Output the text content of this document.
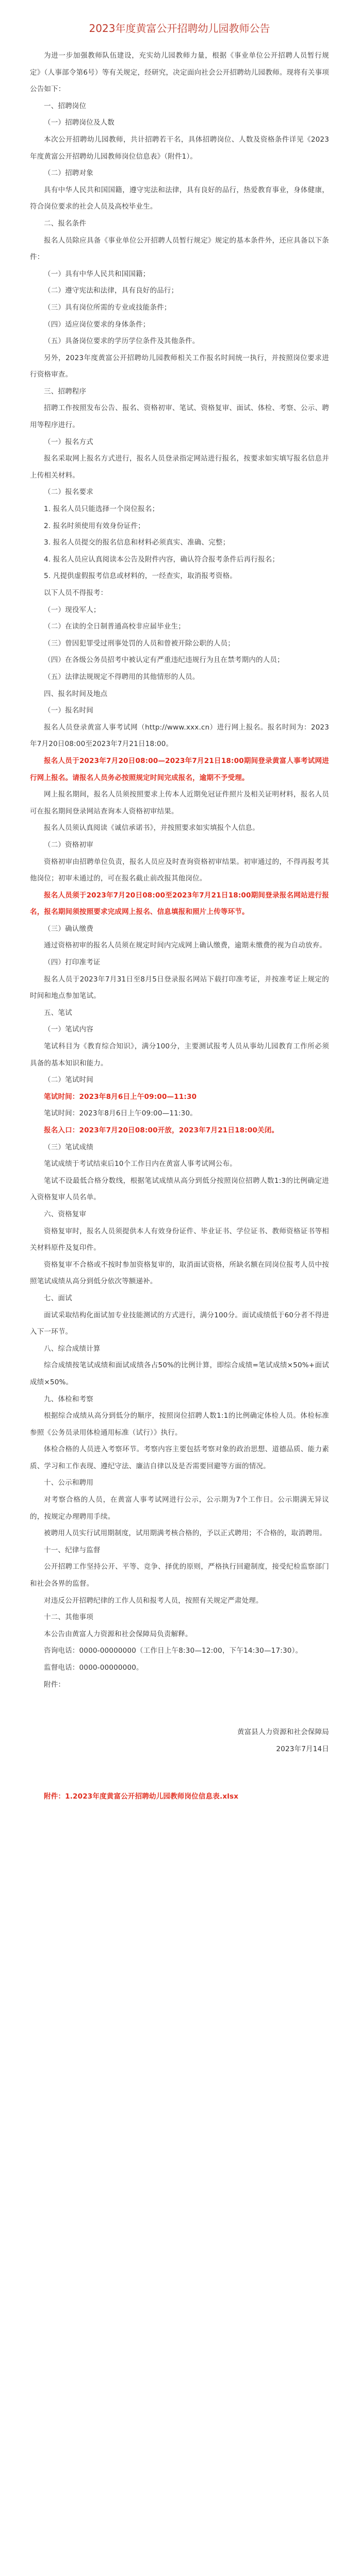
2023年度黄富公开招聘幼儿园教师公告

为进一步加强教师队伍建设，充实幼儿园教师力量，根据《事业单位公开招聘人员暂行规定》（人事部令第6号）等有关规定，经研究，决定面向社会公开招聘幼儿园教师。现将有关事项公告如下：

一、招聘岗位

（一）招聘岗位及人数

本次公开招聘幼儿园教师，共计招聘若干名，具体招聘岗位、人数及资格条件详见《2023年度黄富公开招聘幼儿园教师岗位信息表》（附件1）。

（二）招聘对象

具有中华人民共和国国籍，遵守宪法和法律，具有良好的品行，热爱教育事业，身体健康，符合岗位要求的社会人员及高校毕业生。

二、报名条件

报名人员除应具备《事业单位公开招聘人员暂行规定》规定的基本条件外，还应具备以下条件：

（一）具有中华人民共和国国籍；

（二）遵守宪法和法律，具有良好的品行；

（三）具有岗位所需的专业或技能条件；

（四）适应岗位要求的身体条件；

（五）具备岗位要求的学历学位条件及其他条件。

另外，2023年度黄富公开招聘幼儿园教师相关工作报名时间统一执行，并按照岗位要求进行资格审查。

三、招聘程序

招聘工作按照发布公告、报名、资格初审、笔试、资格复审、面试、体检、考察、公示、聘用等程序进行。

（一）报名方式

报名采取网上报名方式进行，报名人员登录指定网站进行报名，按要求如实填写报名信息并上传相关材料。

（二）报名要求

1. 报名人员只能选择一个岗位报名；

2. 报名时须使用有效身份证件；

3. 报名人员提交的报名信息和材料必须真实、准确、完整；

4. 报名人员应认真阅读本公告及附件内容，确认符合报考条件后再行报名；

5. 凡提供虚假报考信息或材料的，一经查实，取消报考资格。

以下人员不得报考：

（一）现役军人；

（二）在读的全日制普通高校非应届毕业生；

（三）曾因犯罪受过刑事处罚的人员和曾被开除公职的人员；

（四）在各级公务员招考中被认定有严重违纪违规行为且在禁考期内的人员；

（五）法律法规规定不得聘用的其他情形的人员。

四、报名时间及地点

（一）报名时间

报名人员登录黄富人事考试网（http://www.xxx.cn）进行网上报名。报名时间为：2023年7月20日08:00至2023年7月21日18:00。

报名人员于2023年7月20日08:00—2023年7月21日18:00期间登录黄富人事考试网进行网上报名。请报名人员务必按照规定时间完成报名，逾期不予受理。

网上报名期间，报名人员须按照要求上传本人近期免冠证件照片及相关证明材料，报名人员可在报名期间登录网站查询本人资格初审结果。

报名人员须认真阅读《诚信承诺书》，并按照要求如实填报个人信息。

（二）资格初审

资格初审由招聘单位负责，报名人员应及时查询资格初审结果。初审通过的，不得再报考其他岗位；初审未通过的，可在报名截止前改报其他岗位。

报名人员须于2023年7月20日08:00至2023年7月21日18:00期间登录报名网站进行报名，报名期间须按照要求完成网上报名、信息填报和照片上传等环节。

（三）确认缴费

通过资格初审的报名人员须在规定时间内完成网上确认缴费，逾期未缴费的视为自动放弃。

（四）打印准考证

报名人员于2023年7月31日至8月5日登录报名网站下载打印准考证，并按准考证上规定的时间和地点参加笔试。

五、笔试

（一）笔试内容

笔试科目为《教育综合知识》，满分100分，主要测试报考人员从事幼儿园教育工作所必须具备的基本知识和能力。

（二）笔试时间

笔试时间：2023年8月6日上午09:00—11:30

笔试时间：2023年8月6日上午09:00—11:30。

报名入口：2023年7月20日08:00开放，2023年7月21日18:00关闭。

（三）笔试成绩

笔试成绩于考试结束后10个工作日内在黄富人事考试网公布。

笔试不设最低合格分数线，根据笔试成绩从高分到低分按照岗位招聘人数1:3的比例确定进入资格复审人员名单。

六、资格复审

资格复审时，报名人员须提供本人有效身份证件、毕业证书、学位证书、教师资格证书等相关材料原件及复印件。

资格复审不合格或不按时参加资格复审的，取消面试资格，所缺名额在同岗位报考人员中按照笔试成绩从高分到低分依次等额递补。

七、面试

面试采取结构化面试加专业技能测试的方式进行，满分100分。面试成绩低于60分者不得进入下一环节。

八、综合成绩计算

综合成绩按笔试成绩和面试成绩各占50%的比例计算，即综合成绩=笔试成绩×50%+面试成绩×50%。

九、体检和考察

根据综合成绩从高分到低分的顺序，按照岗位招聘人数1:1的比例确定体检人员。体检标准参照《公务员录用体检通用标准（试行）》执行。

体检合格的人员进入考察环节。考察内容主要包括考察对象的政治思想、道德品质、能力素质、学习和工作表现、遵纪守法、廉洁自律以及是否需要回避等方面的情况。

十、公示和聘用

对考察合格的人员，在黄富人事考试网进行公示，公示期为7个工作日。公示期满无异议的，按规定办理聘用手续。

被聘用人员实行试用期制度，试用期满考核合格的，予以正式聘用；不合格的，取消聘用。

十一、纪律与监督

公开招聘工作坚持公开、平等、竞争、择优的原则，严格执行回避制度，接受纪检监察部门和社会各界的监督。

对违反公开招聘纪律的工作人员和报考人员，按照有关规定严肃处理。

十二、其他事项

本公告由黄富人力资源和社会保障局负责解释。

咨询电话：0000-00000000（工作日上午8:30—12:00，下午14:30—17:30）。

监督电话：0000-00000000。

附件：

黄富县人力资源和社会保障局

2023年7月14日

附件：1.2023年度黄富公开招聘幼儿园教师岗位信息表.xlsx
